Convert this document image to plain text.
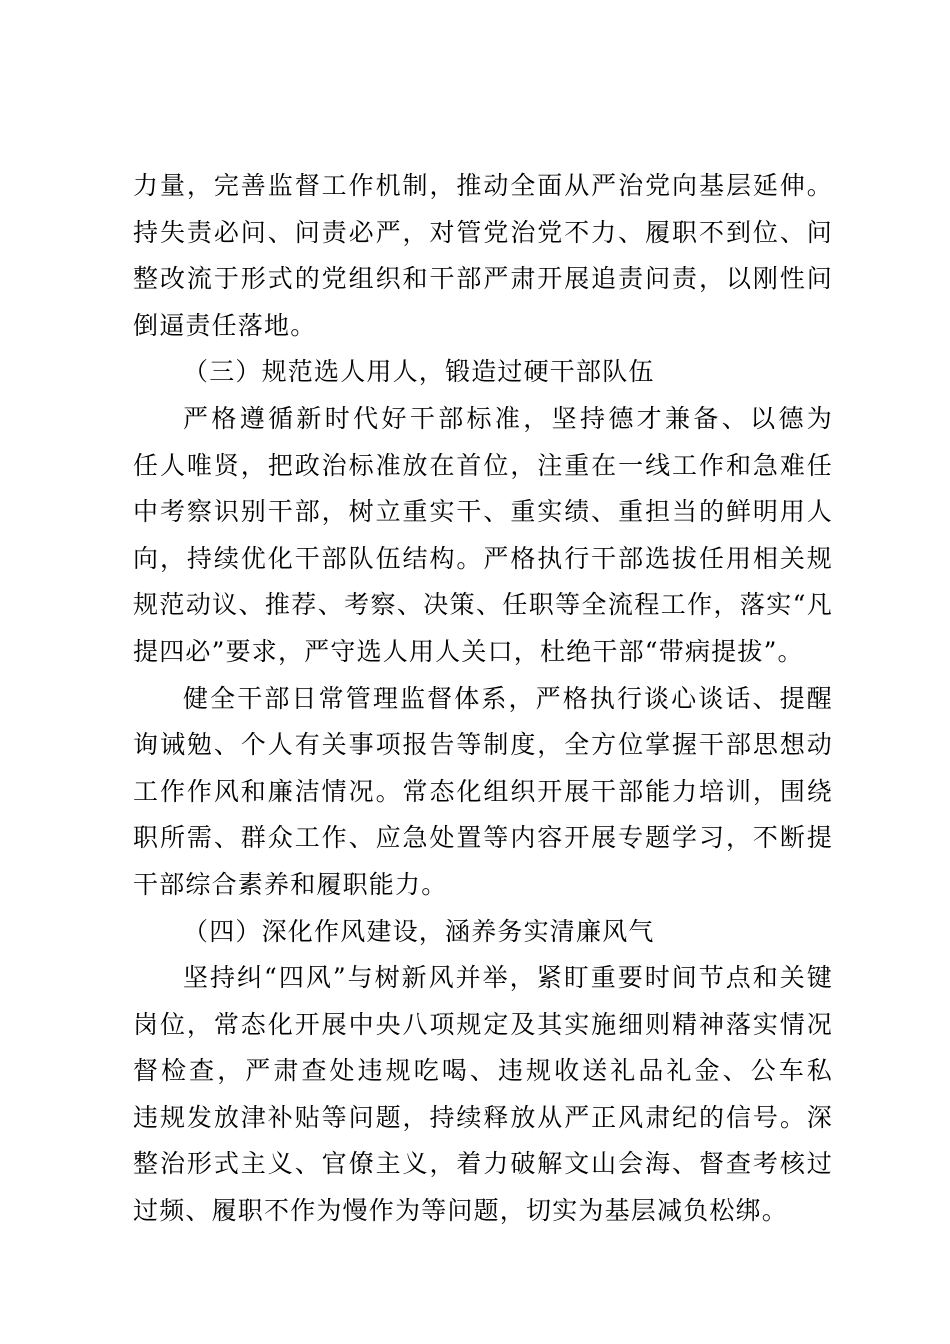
力量，完善监督工作机制，推动全面从严治党向基层延伸。
持失责必问、问责必严，对管党治党不力、履职不到位、问
整改流于形式的党组织和干部严肃开展追责问责，以刚性问
倒逼责任落地。
（三）规范选人用人，锻造过硬干部队伍
严格遵循新时代好干部标准，坚持德才兼备、以德为
任人唯贤，把政治标准放在首位，注重在一线工作和急难任
中考察识别干部，树立重实干、重实绩、重担当的鲜明用人
向，持续优化干部队伍结构。严格执行干部选拔任用相关规
规范动议、推荐、考察、决策、任职等全流程工作，落实“凡
提四必”要求，严守选人用人关口，杜绝干部“带病提拔”。
健全干部日常管理监督体系，严格执行谈心谈话、提醒
询诫勉、个人有关事项报告等制度，全方位掌握干部思想动
工作作风和廉洁情况。常态化组织开展干部能力培训，围绕
职所需、群众工作、应急处置等内容开展专题学习，不断提
干部综合素养和履职能力。
（四）深化作风建设，涵养务实清廉风气
坚持纠“四风”与树新风并举，紧盯重要时间节点和关键
岗位，常态化开展中央八项规定及其实施细则精神落实情况
督检查，严肃查处违规吃喝、违规收送礼品礼金、公车私
违规发放津补贴等问题，持续释放从严正风肃纪的信号。深
整治形式主义、官僚主义，着力破解文山会海、督查考核过
过频、履职不作为慢作为等问题，切实为基层减负松绑。
